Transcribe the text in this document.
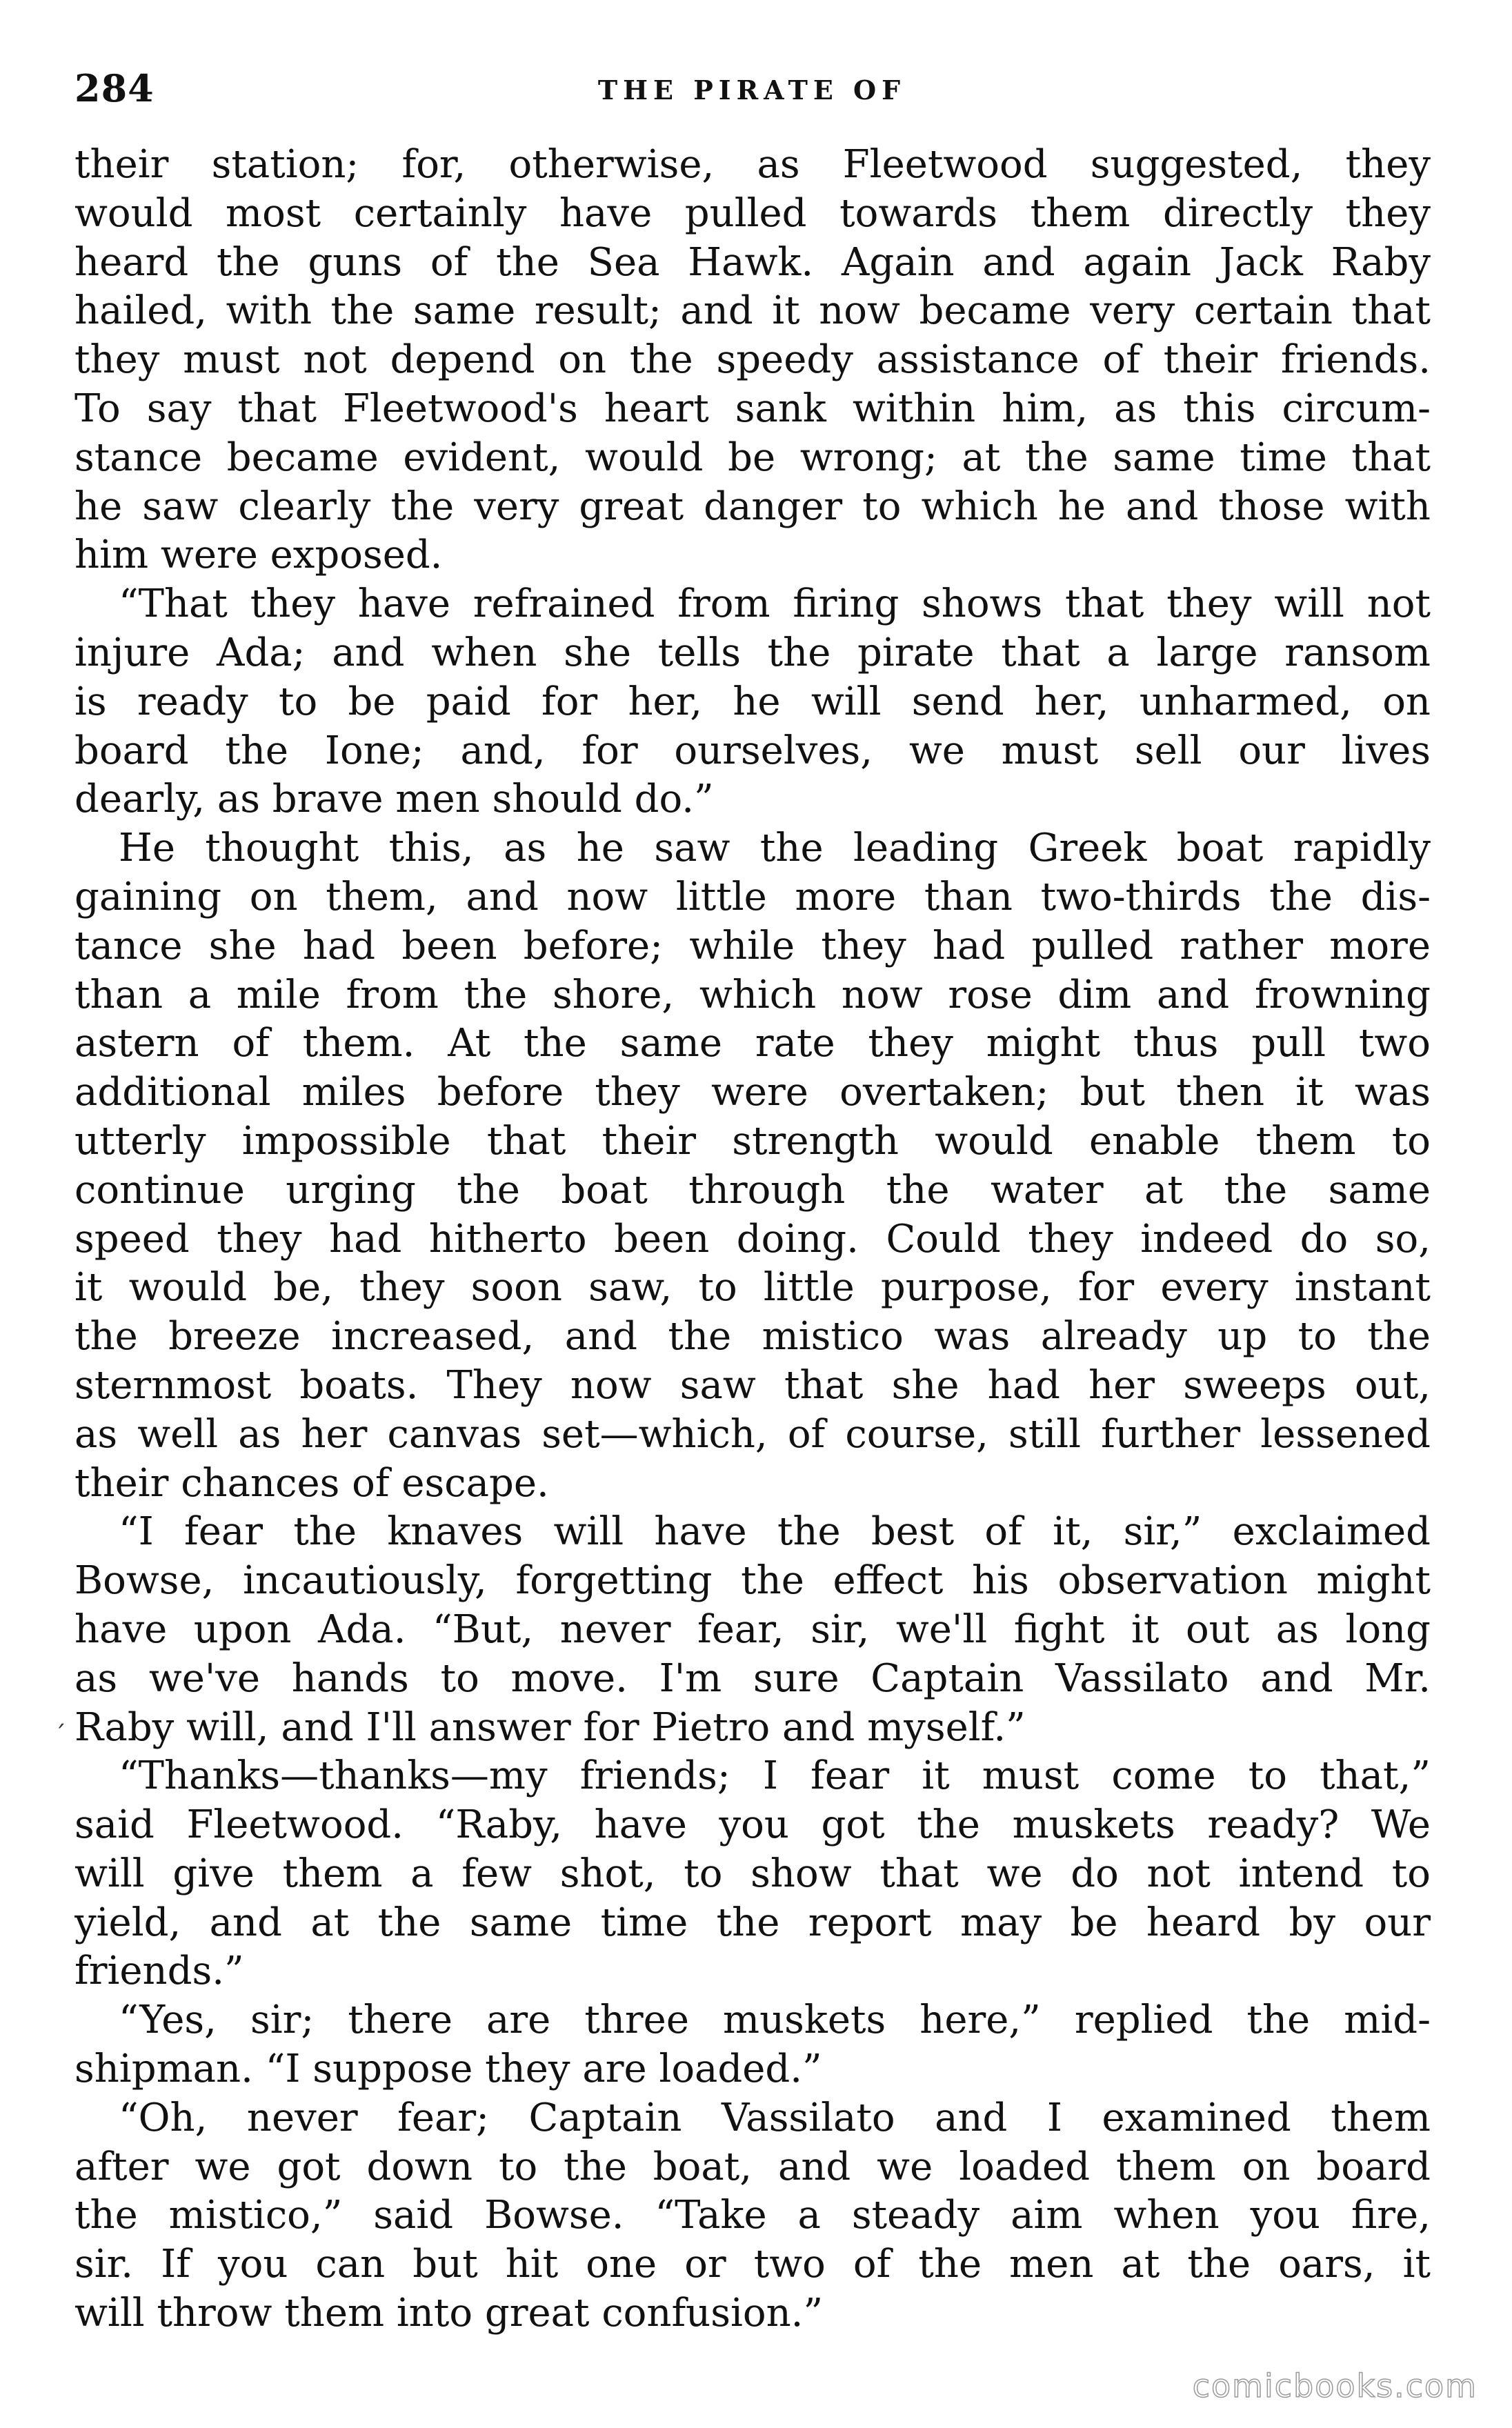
284	THE PIRATE OF
their station; for, otherwise, as Fleetwood suggested, they
would most certainly have pulled towards them directly they
heard the guns of the Sea Hawk. Again and again Jack Raby
hailed, with the same result; and it now became very certain that
they must not depend on the speedy assistance of their friends.
To say that Fleetwood's heart sank within him, as this circum-
stance became evident, would be wrong; at the same time that
he saw clearly the very great danger to which he and those with
him were exposed.
“That they have refrained from firing shows that they will not
injure Ada; and when she tells the pirate that a large ransom
is ready to be paid for her, he will send her, unharmed, on
board the Ione; and, for ourselves, we must sell our lives
dearly, as brave men should do.”
He thought this, as he saw the leading Greek boat rapidly
gaining on them, and now little more than two-thirds the dis-
tance she had been before; while they had pulled rather more
than a mile from the shore, which now rose dim and frowning
astern of them. At the same rate they might thus pull two
additional miles before they were overtaken; but then it was
utterly impossible that their strength would enable them to
continue urging the boat through the water at the same
speed they had hitherto been doing. Could they indeed do so,
it would be, they soon saw, to little purpose, for every instant
the breeze increased, and the mistico was already up to the
sternmost boats. They now saw that she had her sweeps out,
as well as her canvas set—which, of course, still further lessened
their chances of escape.
“I fear the knaves will have the best of it, sir,” exclaimed
Bowse, incautiously, forgetting the effect his observation might
have upon Ada. “But, never fear, sir, we'll fight it out as long
as we've hands to move. I'm sure Captain Vassilato and Mr.
Raby will, and I'll answer for Pietro and myself.”
“Thanks—thanks—my friends; I fear it must come to that,”
said Fleetwood. “Raby, have you got the muskets ready? We
will give them a few shot, to show that we do not intend to
yield, and at the same time the report may be heard by our
friends.”
“Yes, sir; there are three muskets here,” replied the mid-
shipman. “I suppose they are loaded.”
“Oh, never fear; Captain Vassilato and I examined them
after we got down to the boat, and we loaded them on board
the mistico,” said Bowse. “Take a steady aim when you fire,
sir. If you can but hit one or two of the men at the oars, it
will throw them into great confusion.”
ˊ
comicbooks.com
